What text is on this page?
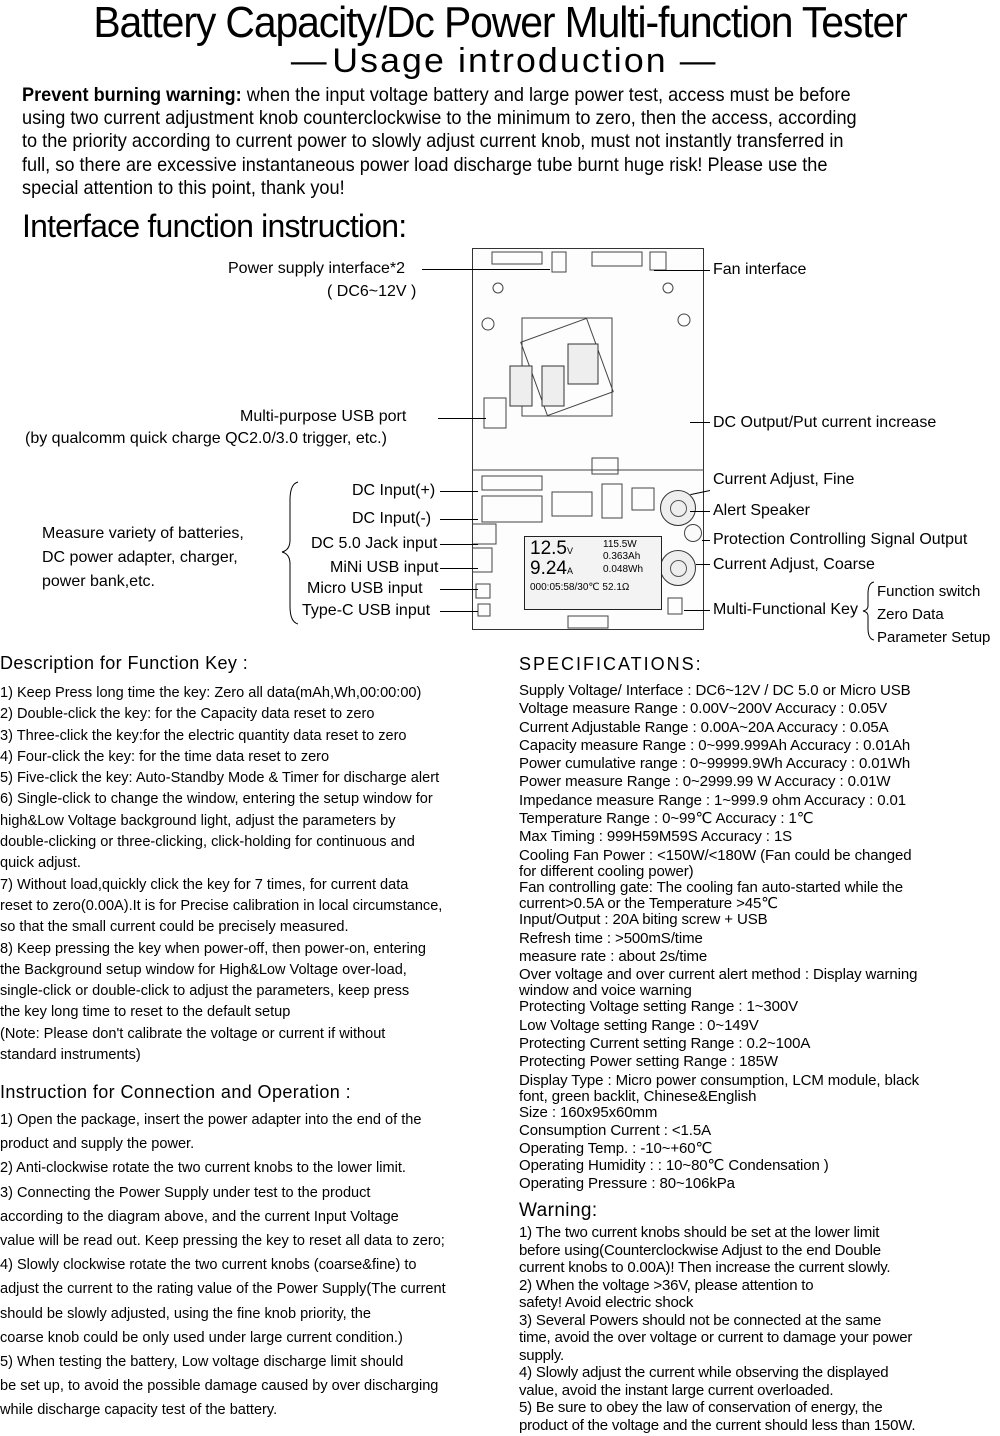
Battery Capacity/Dc Power Multi-function Tester
— Usage introduction —
Prevent burning warning: when the input voltage battery and large power test, access must be before
using two current adjustment knob counterclockwise to the minimum to zero, then the access, according
to the priority according to current power to slowly adjust current knob, must not instantly transferred in
full, so there are excessive instantaneous power load discharge tube burnt huge risk! Please use the
special attention to this point, thank you!
Interface function instruction:
12.5V
9.24A
115.5W
0.363Ah
0.048Wh
000:05:58/30℃ 52.1Ω
Power supply interface*2
( DC6~12V )
Multi-purpose USB port
(by qualcomm quick charge QC2.0/3.0 trigger, etc.)
DC Input(+)
DC Input(-)
DC 5.0 Jack input
MiNi USB input
Micro USB input
Type-C USB input
Measure variety of batteries,
DC power adapter, charger,
power bank,etc.
Fan interface
DC Output/Put current increase
Current Adjust, Fine
Alert Speaker
Protection Controlling Signal Output
Current Adjust, Coarse
Multi-Functional Key
Function switch
Zero Data
Parameter Setup
Description for Function Key :
1) Keep Press long time the key: Zero all data(mAh,Wh,00:00:00)
2) Double-click the key: for the Capacity data reset to zero
3) Three-click the key:for the electric quantity data reset to zero
4) Four-click the key: for the time data reset to zero
5) Five-click the key: Auto-Standby Mode & Timer for discharge alert
6) Single-click to change the window, entering the setup window for
high&Low Voltage background light, adjust the parameters by
double-clicking or three-clicking, click-holding for continuous and
quick adjust.
7) Without load,quickly click the key for 7 times, for current data
reset to zero(0.00A).It is for Precise calibration in local circumstance,
so that the small current could be precisely measured.
8) Keep pressing the key when power-off, then power-on, entering
the Background setup window for High&Low Voltage over-load,
single-click or double-click to adjust the parameters, keep press
the key long time to reset to the default setup
(Note: Please don't calibrate the voltage or current if without
standard instruments)
Instruction for Connection and Operation :
1) Open the package, insert the power adapter into the end of the
product and supply the power.
2) Anti-clockwise rotate the two current knobs to the lower limit.
3) Connecting the Power Supply under test to the product
according to the diagram above, and the current Input Voltage
value will be read out. Keep pressing the key to reset all data to zero;
4) Slowly clockwise rotate the two current knobs (coarse&fine) to
adjust the current to the rating value of the Power Supply(The current
should be slowly adjusted, using the fine knob priority, the
coarse knob could be only used under large current condition.)
5) When testing the battery, Low voltage discharge limit should
be set up, to avoid the possible damage caused by over discharging
while discharge capacity test of the battery.
SPECIFICATIONS:
Supply Voltage/ Interface : DC6~12V / DC 5.0 or Micro USB
Voltage measure Range : 0.00V~200V Accuracy : 0.05V
Current Adjustable Range : 0.00A~20A Accuracy : 0.05A
Capacity measure Range : 0~999.999Ah Accuracy : 0.01Ah
Power cumulative range : 0~99999.9Wh Accuracy : 0.01Wh
Power measure Range : 0~2999.99 W Accuracy : 0.01W
Impedance measure Range : 1~999.9 ohm Accuracy : 0.01
Temperature Range : 0~99℃ Accuracy : 1℃
Max Timing : 999H59M59S Accuracy : 1S
Cooling Fan Power : <150W/<180W (Fan could be changed
for different cooling power)
Fan controlling gate: The cooling fan auto-started while the
current>0.5A or the Temperature >45℃
Input/Output : 20A biting screw + USB
Refresh time : >500mS/time
measure rate : about 2s/time
Over voltage and over current alert method : Display warning
window and voice warning
Protecting Voltage setting Range : 1~300V
Low Voltage setting Range : 0~149V
Protecting Current setting Range : 0.2~100A
Protecting Power setting Range : 185W
Display Type : Micro power consumption, LCM module, black
font, green backlit, Chinese&English
Size : 160x95x60mm
Consumption Current : <1.5A
Operating Temp. : -10~+60℃
Operating Humidity : : 10~80℃ Condensation )
Operating Pressure : 80~106kPa
Warning:
1) The two current knobs should be set at the lower limit
before using(Counterclockwise Adjust to the end Double
current knobs to 0.00A)! Then increase the current slowly.
2) When the voltage >36V, please attention to
safety! Avoid electric shock
3) Several Powers should not be connected at the same
time, avoid the over voltage or current to damage your power
supply.
4) Slowly adjust the current while observing the displayed
value, avoid the instant large current overloaded.
5) Be sure to obey the law of conservation of energy, the
product of the voltage and the current should less than 150W.
